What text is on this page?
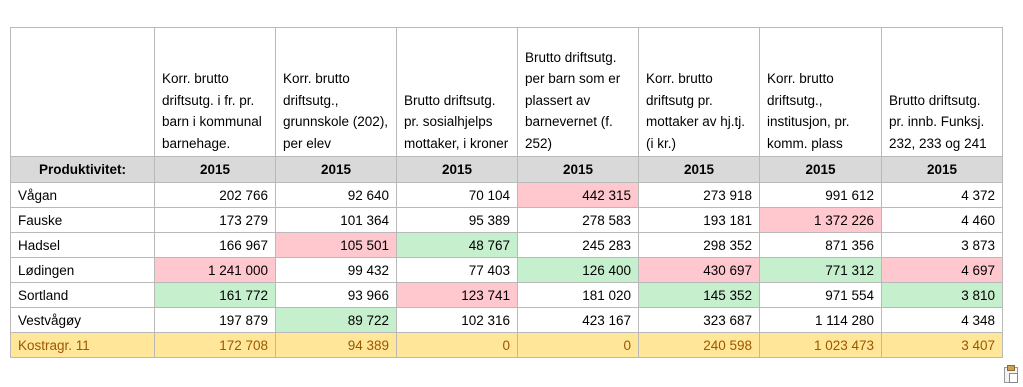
	Korr. brutto driftsutg. i fr. pr. barn i kommunal barnehage.	Korr. brutto driftsutg., grunnskole (202), per elev	Brutto driftsutg. pr. sosialhjelps mottaker, i kroner	Brutto driftsutg. per barn som er plassert av barnevernet (f. 252)	Korr. brutto driftsutg pr. mottaker av hj.tj. (i kr.)	Korr. brutto driftsutg., institusjon, pr. komm. plass	Brutto driftsutg. pr. innb. Funksj. 232, 233 og 241
Produktivitet:	2015	2015	2015	2015	2015	2015	2015
Vågan	202 766	92 640	70 104	442 315	273 918	991 612	4 372
Fauske	173 279	101 364	95 389	278 583	193 181	1 372 226	4 460
Hadsel	166 967	105 501	48 767	245 283	298 352	871 356	3 873
Lødingen	1 241 000	99 432	77 403	126 400	430 697	771 312	4 697
Sortland	161 772	93 966	123 741	181 020	145 352	971 554	3 810
Vestvågøy	197 879	89 722	102 316	423 167	323 687	1 114 280	4 348
Kostragr. 11	172 708	94 389	0	0	240 598	1 023 473	3 407
